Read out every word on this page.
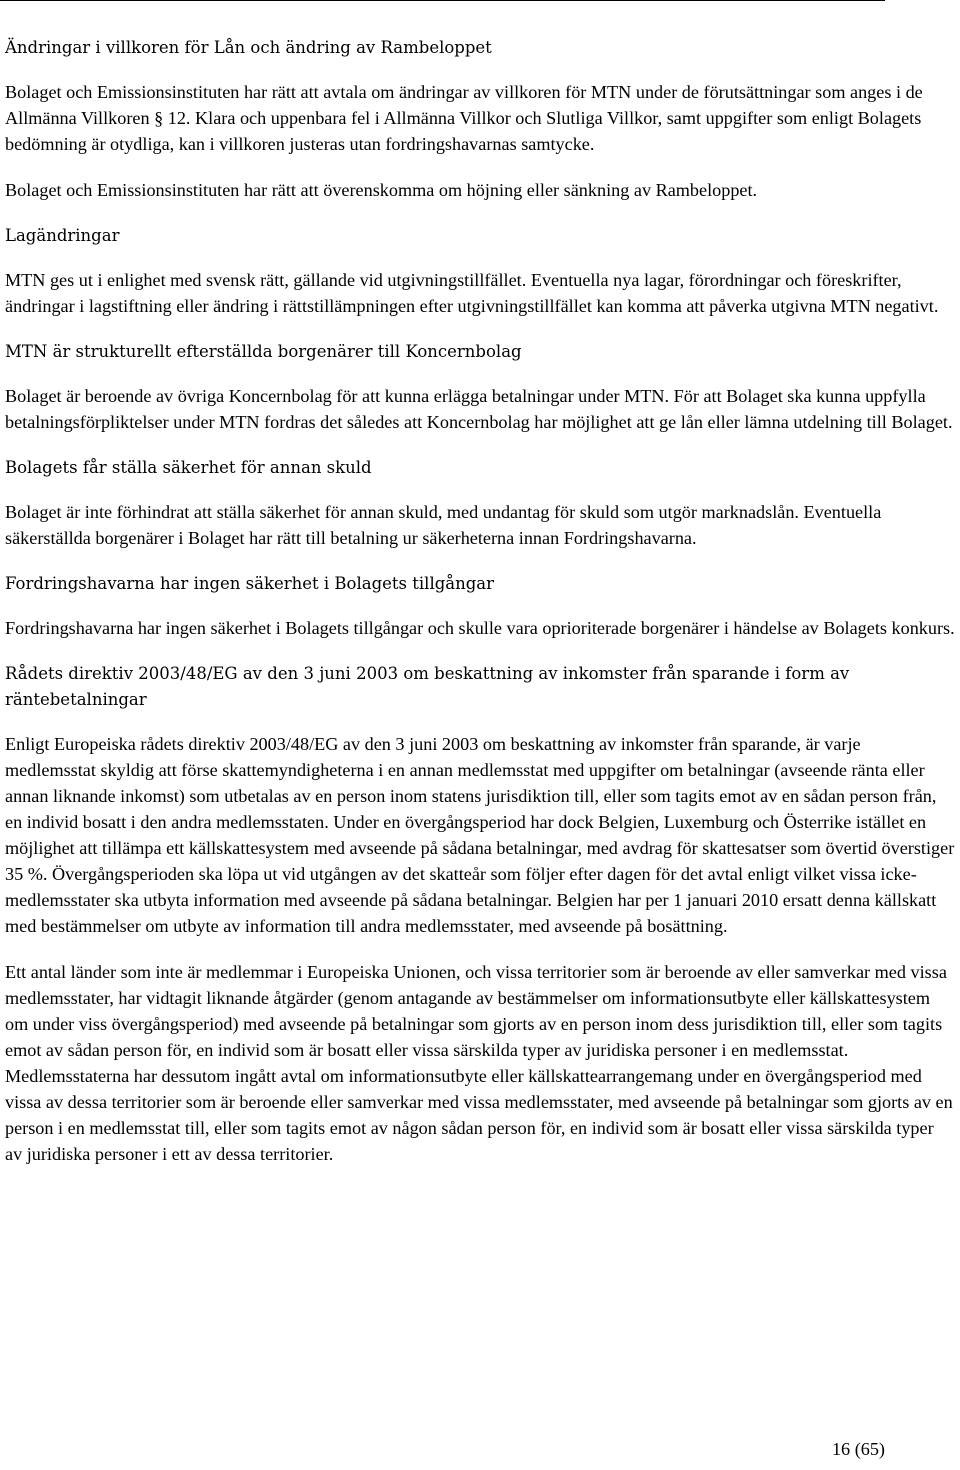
Ändringar i villkoren för Lån och ändring av Rambeloppet

Bolaget och Emissionsinstituten har rätt att avtala om ändringar av villkoren för MTN under de förutsättningar som anges i de Allmänna Villkoren § 12. Klara och uppenbara fel i Allmänna Villkor och Slutliga Villkor, samt uppgifter som enligt Bolagets bedömning är otydliga, kan i villkoren justeras utan fordringshavarnas samtycke.

Bolaget och Emissionsinstituten har rätt att överenskomma om höjning eller sänkning av Rambeloppet.

Lagändringar

MTN ges ut i enlighet med svensk rätt, gällande vid utgivningstillfället. Eventuella nya lagar, förordningar och föreskrifter, ändringar i lagstiftning eller ändring i rättstillämpningen efter utgivningstillfället kan komma att påverka utgivna MTN negativt.

MTN är strukturellt efterställda borgenärer till Koncernbolag

Bolaget är beroende av övriga Koncernbolag för att kunna erlägga betalningar under MTN. För att Bolaget ska kunna uppfylla betalningsförpliktelser under MTN fordras det således att Koncernbolag har möjlighet att ge lån eller lämna utdelning till Bolaget.

Bolagets får ställa säkerhet för annan skuld

Bolaget är inte förhindrat att ställa säkerhet för annan skuld, med undantag för skuld som utgör marknadslån. Eventuella säkerställda borgenärer i Bolaget har rätt till betalning ur säkerheterna innan Fordringshavarna.

Fordringshavarna har ingen säkerhet i Bolagets tillgångar

Fordringshavarna har ingen säkerhet i Bolagets tillgångar och skulle vara oprioriterade borgenärer i händelse av Bolagets konkurs.

Rådets direktiv 2003/48/EG av den 3 juni 2003 om beskattning av inkomster från sparande i form av räntebetalningar

Enligt Europeiska rådets direktiv 2003/48/EG av den 3 juni 2003 om beskattning av inkomster från sparande, är varje medlemsstat skyldig att förse skattemyndigheterna i en annan medlemsstat med uppgifter om betalningar (avseende ränta eller annan liknande inkomst) som utbetalas av en person inom statens jurisdiktion till, eller som tagits emot av en sådan person från, en individ bosatt i den andra medlemsstaten. Under en övergångsperiod har dock Belgien, Luxemburg och Österrike istället en möjlighet att tillämpa ett källskattesystem med avseende på sådana betalningar, med avdrag för skattesatser som övertid överstiger 35 %. Övergångsperioden ska löpa ut vid utgången av det skatteår som följer efter dagen för det avtal enligt vilket vissa icke-medlemsstater ska utbyta information med avseende på sådana betalningar. Belgien har per 1 januari 2010 ersatt denna källskatt med bestämmelser om utbyte av information till andra medlemsstater, med avseende på bosättning.

Ett antal länder som inte är medlemmar i Europeiska Unionen, och vissa territorier som är beroende av eller samverkar med vissa medlemsstater, har vidtagit liknande åtgärder (genom antagande av bestämmelser om informationsutbyte eller källskattesystem om under viss övergångsperiod) med avseende på betalningar som gjorts av en person inom dess jurisdiktion till, eller som tagits emot av sådan person för, en individ som är bosatt eller vissa särskilda typer av juridiska personer i en medlemsstat. Medlemsstaterna har dessutom ingått avtal om informationsutbyte eller källskattearrangemang under en övergångsperiod med vissa av dessa territorier som är beroende eller samverkar med vissa medlemsstater, med avseende på betalningar som gjorts av en person i en medlemsstat till, eller som tagits emot av någon sådan person för, en individ som är bosatt eller vissa särskilda typer av juridiska personer i ett av dessa territorier.

16 (65)
